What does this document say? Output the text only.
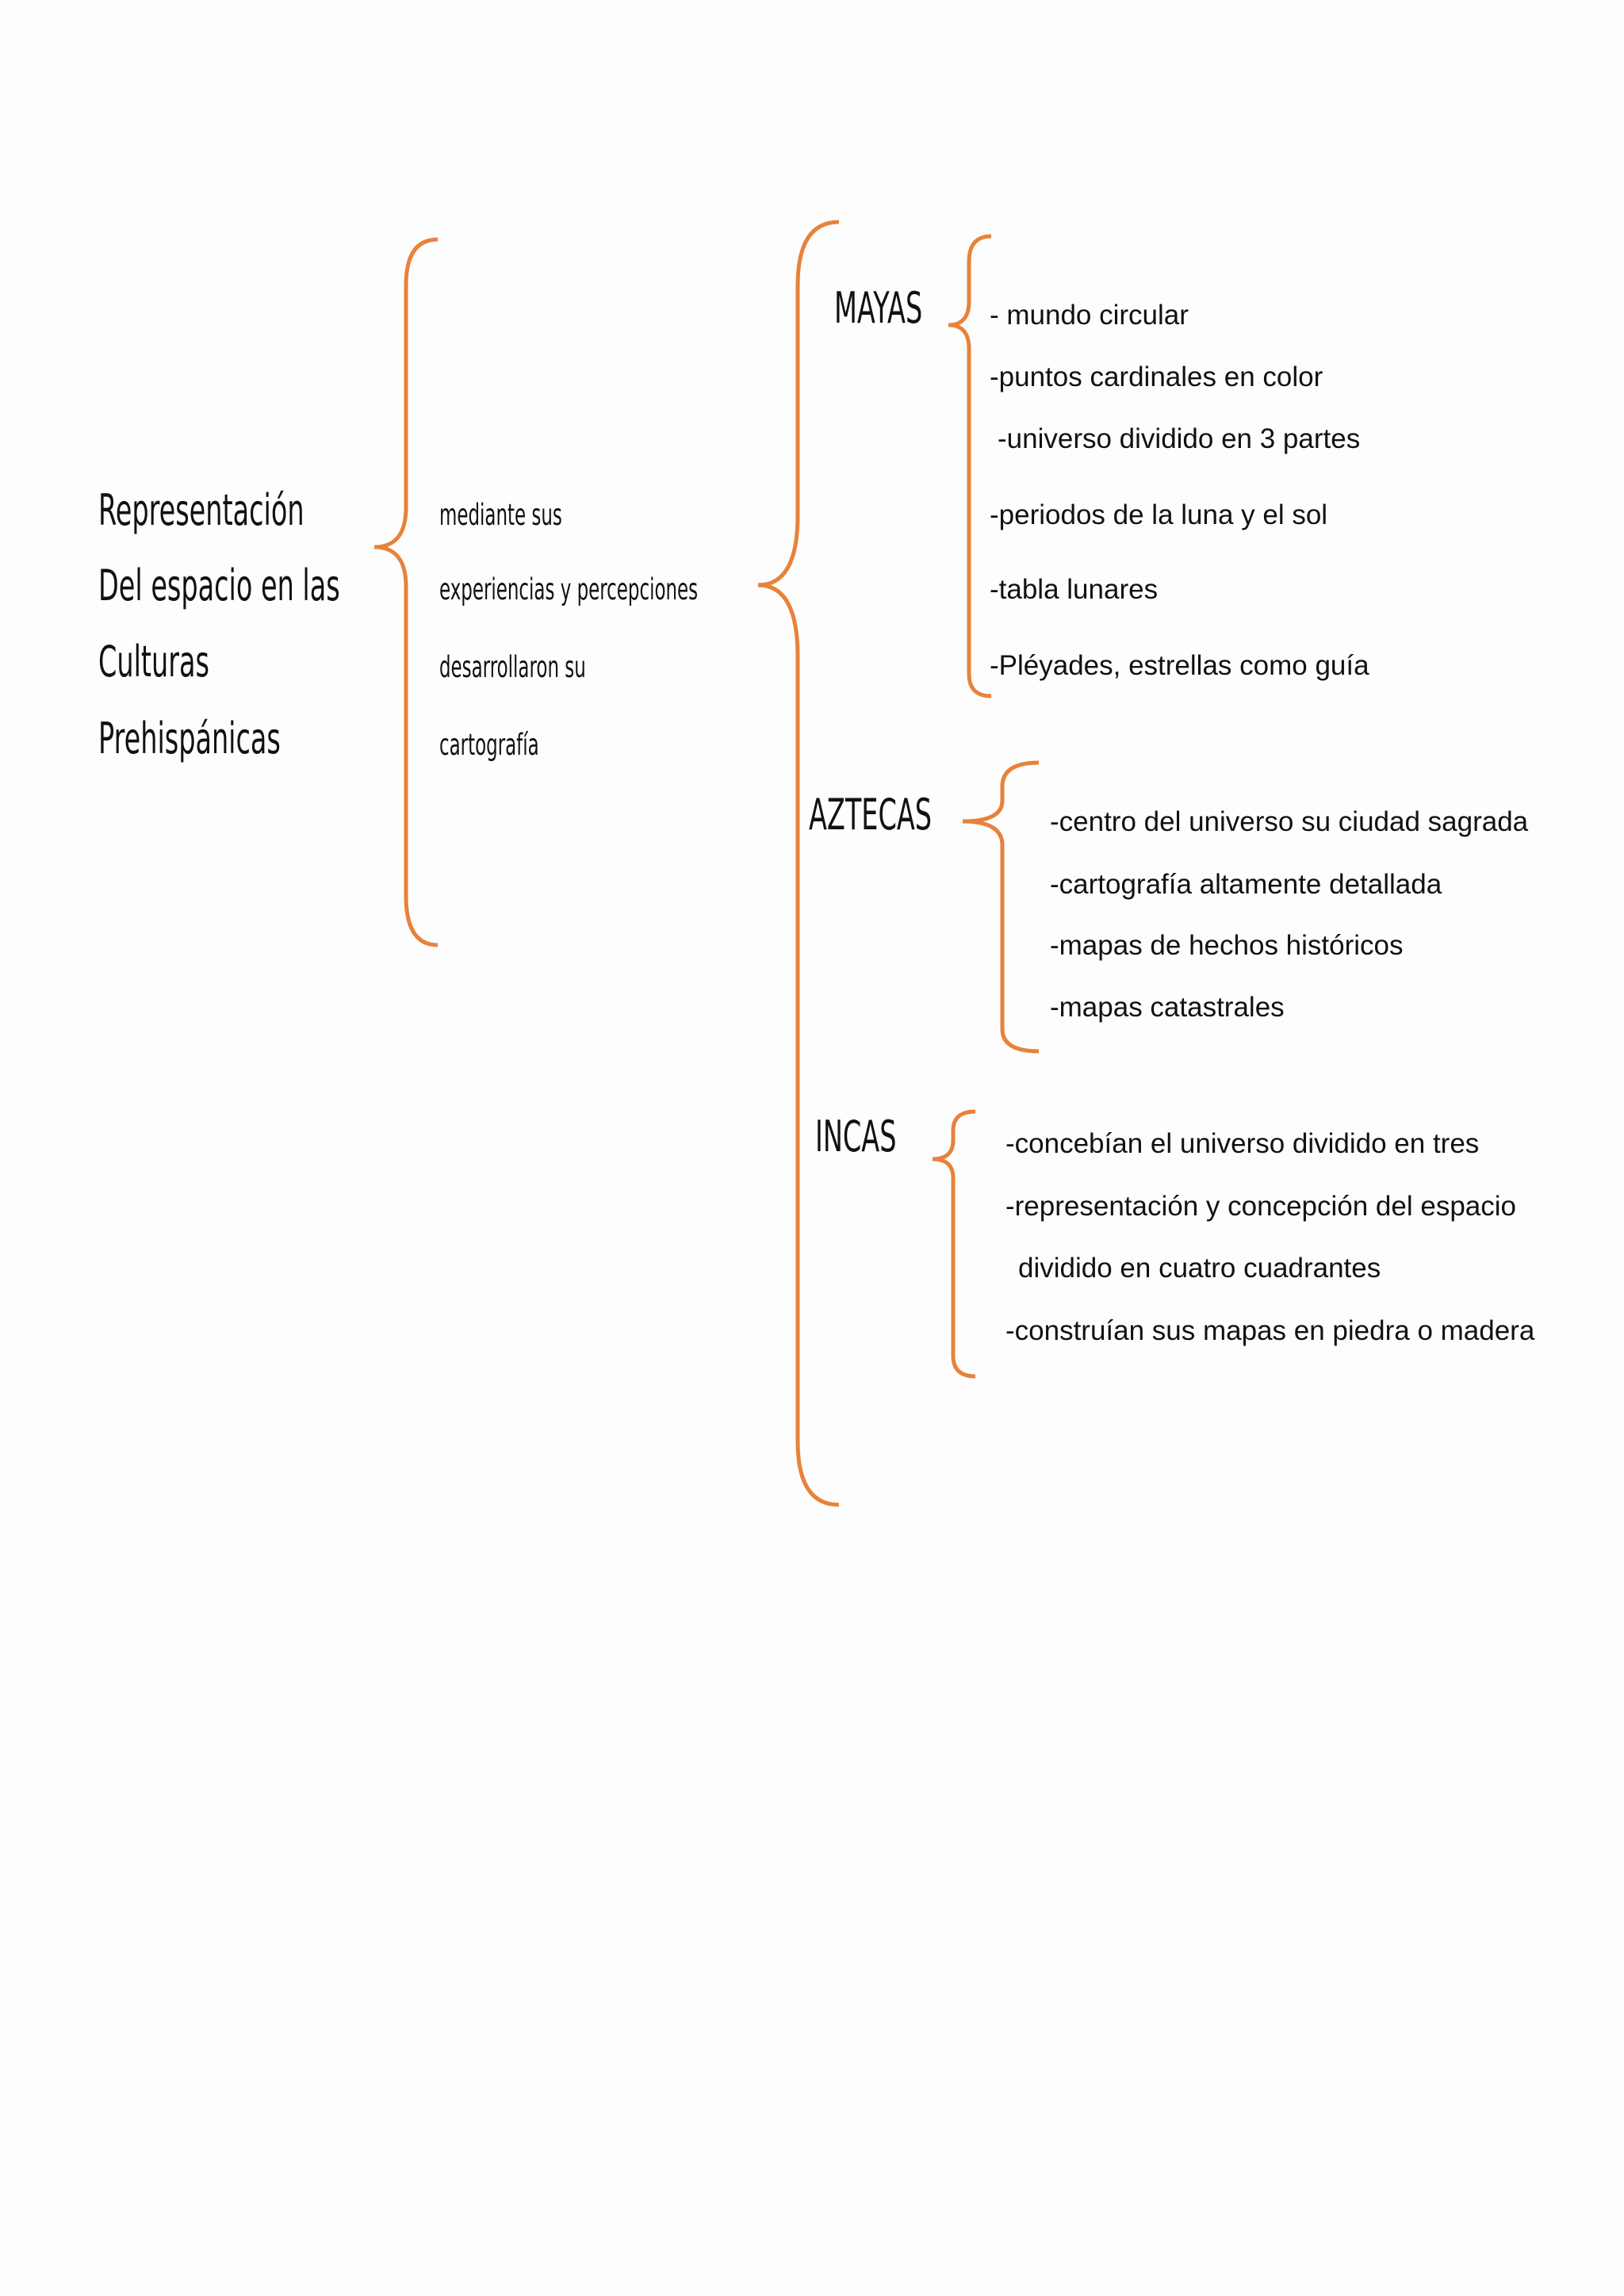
Representación
Del espacio en las
Culturas
Prehispánicas
mediante sus
experiencias y percepciones
desarrollaron su
cartografía
MAYAS - mundo circular
-puntos cardinales en color
-universo dividido en 3 partes
-periodos de la luna y el sol
-tabla lunares
-Pléyades, estrellas como guía
AZTECAS	-centro del universo su ciudad sagrada
-cartografía altamente detallada
-mapas de hechos históricos
-mapas catastrales
INCAS	-concebían el universo dividido en tres
-representación y concepción del espacio
dividido en cuatro cuadrantes
-construían sus mapas en piedra o madera
